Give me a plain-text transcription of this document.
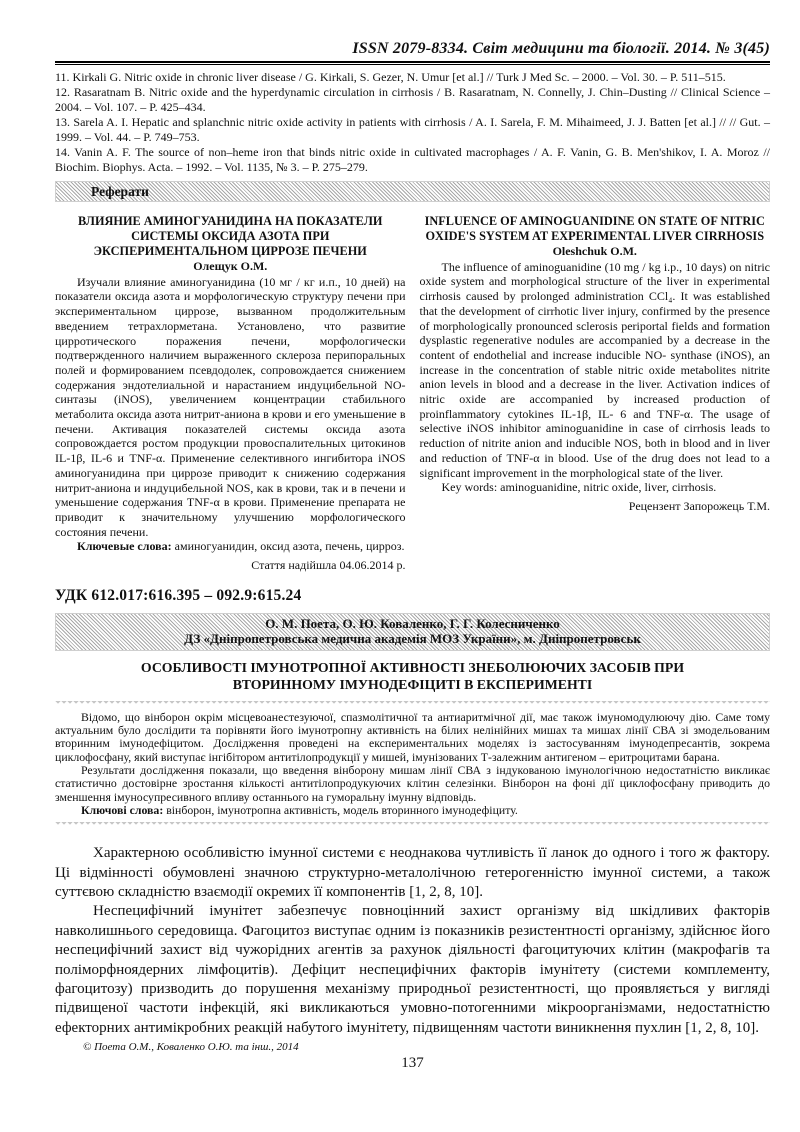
ISSN 2079-8334. Світ медицини та біології. 2014. № 3(45)

11. Kirkali G. Nitric oxide in chronic liver disease / G. Kirkali, S. Gezer, N. Umur [et al.] // Turk J Med Sc. – 2000. – Vol. 30. – P. 511–515.

12. Rasaratnam B. Nitric oxide and the hyperdynamic circulation in cirrhosis / B. Rasaratnam, N. Connelly, J. Chin–Dusting // Clinical Science – 2004. – Vol. 107. – P. 425–434.

13. Sarela A. I. Hepatic and splanchnic nitric oxide activity in patients with cirrhosis / A. I. Sarela, F. M. Mihaimeed, J. J. Batten [et al.] // // Gut. – 1999. – Vol. 44. – P. 749–753.

14. Vanin A. F. The source of non–heme iron that binds nitric oxide in cultivated macrophages / A. F. Vanin, G. B. Men'shikov, I. A. Moroz // Biochim. Biophys. Acta. – 1992. – Vol. 1135, № 3. – P. 275–279.

Реферати
ВЛИЯНИЕ АМИНОГУАНИДИНА НА ПОКАЗАТЕЛИ СИСТЕМЫ ОКСИДА АЗОТА ПРИ ЭКСПЕРИМЕНТАЛЬНОМ ЦИРРОЗЕ ПЕЧЕНИ
Олещук О.М.

Изучали влияние аминогуанидина (10 мг / кг и.п., 10 дней) на показатели оксида азота и морфологическую структуру печени при экспериментальном циррозе, вызванном продолжительным введением тетрахлорметана. Установлено, что развитие цирротического поражения печени, морфологически подтвержденного наличием выраженного склероза перипоральных полей и формированием псевдодолек, сопровождается снижением содержания эндотелиальной и нарастанием индуцибельной NO-синтазы (iNOS), увеличением концентрации стабильного метаболита оксида азота нитрит-аниона в крови и его уменьшение в печени. Активация показателей системы оксида азота сопровождается ростом продукции провоспалительных цитокинов IL-1β, IL-6 и TNF-α. Применение селективного ингибитора iNOS аминогуанидина при циррозе приводит к снижению содержания нитрит-аниона и индуцибельной NOS, как в крови, так и в печени и уменьшение содержания TNF-α в крови. Применение препарата не приводит к значительному улучшению морфологического состояния печени.

Ключевые слова: аминогуанидин, оксид азота, печень, цирроз.

Стаття надійшла 04.06.2014 р.

INFLUENCE OF AMINOGUANIDINE ON STATE OF NITRIC OXIDE'S SYSTEM AT EXPERIMENTAL LIVER CIRRHOSIS
Oleshchuk O.M.

The influence of aminoguanidine (10 mg / kg i.p., 10 days) on nitric oxide system and morphological structure of the liver in experimental cirrhosis caused by prolonged administration CCl₄. It was established that the development of cirrhotic liver injury, confirmed by the presence of morphologically pronounced sclerosis periportal fields and formation dysplastic regenerative nodules are accompanied by a decrease in the content of endothelial and increase inducible NO- synthase (iNOS), an increase in the concentration of stable nitric oxide metabolites nitrite anion levels in blood and a decrease in the liver. Activation indices of nitric oxide are accompanied by increased production of proinflammatory cytokines IL-1β, IL- 6 and TNF-α. The usage of selective iNOS inhibitor aminoguanidine in case of cirrhosis leads to reduction of nitrite anion and inducible NOS, both in blood and in liver and reduction of TNF-α in blood. Use of the drug does not lead to a significant improvement in the morphological state of the liver.

Key words: aminoguanidine, nitric oxide, liver, cirrhosis.

Рецензент Запорожець Т.М.

УДК 612.017:616.395 – 092.9:615.24
О. М. Поета, О. Ю. Коваленко, Г. Г. Колесниченко
ДЗ «Дніпропетровська медична академія МОЗ України», м. Дніпропетровськ
ОСОБЛИВОСТІ ІМУНОТРОПНОЇ АКТИВНОСТІ ЗНЕБОЛЮЮЧИХ ЗАСОБІВ ПРИ ВТОРИННОМУ ІМУНОДЕФІЦИТІ В ЕКСПЕРИМЕНТІ

Відомо, що вінборон окрім місцевоанестезуючої, спазмолітичної та антиаритмічної дії, має також імуномодулюючу дію. Саме тому актуальним було дослідити та порівняти його імунотропну активність на білих нелінійних мишах та мишах лінії СВА зі змодельованим вторинним імунодефіцитом. Дослідження проведені на експериментальних моделях із застосуванням імунодепресантів, зокрема циклофосфану, який виступає інгібітором антитілопродукції у мишей, імунізованих Т-залежним антигеном – еритроцитами барана.

Результати дослідження показали, що введення вінборону мишам лінії СВА з індукованою імунологічною недостатністю викликає статистично достовірне зростання кількості антитілопродукуючих клітин селезінки. Вінборон на фоні дії циклофосфану приводить до зменшення імуносупресивного впливу останнього на гуморальну імунну відповідь.

Ключові слова: вінборон, імунотропна активність, модель вторинного імунодефіциту.

Характерною особливістю імунної системи є неоднакова чутливість її ланок до одного і того ж фактору. Ці відмінності обумовлені значною структурно-металолічною гетерогенністю імунної системи, а також суттєвою складністю взаємодії окремих її компонентів [1, 2, 8, 10].

Неспецифічний імунітет забезпечує повноцінний захист організму від шкідливих факторів навколишнього середовища. Фагоцитоз виступає одним із показників резистентності організму, здійснює його неспецифічний захист від чужорідних агентів за рахунок діяльності фагоцитуючих клітин (макрофагів та поліморфноядерних лімфоцитів). Дефіцит неспецифічних факторів імунітету (системи комплементу, фагоцитозу) призводить до порушення механізму природньої резистентності, що проявляється у вигляді підвищеної частоти інфекцій, які викликаються умовно-потогенними мікроорганізмами, недостатністю ефекторних антимікробних реакцій набутого імунітету, підвищенням частоти виникнення пухлин [1, 2, 8, 10].

© Поета О.М., Коваленко О.Ю. та інш., 2014
137
